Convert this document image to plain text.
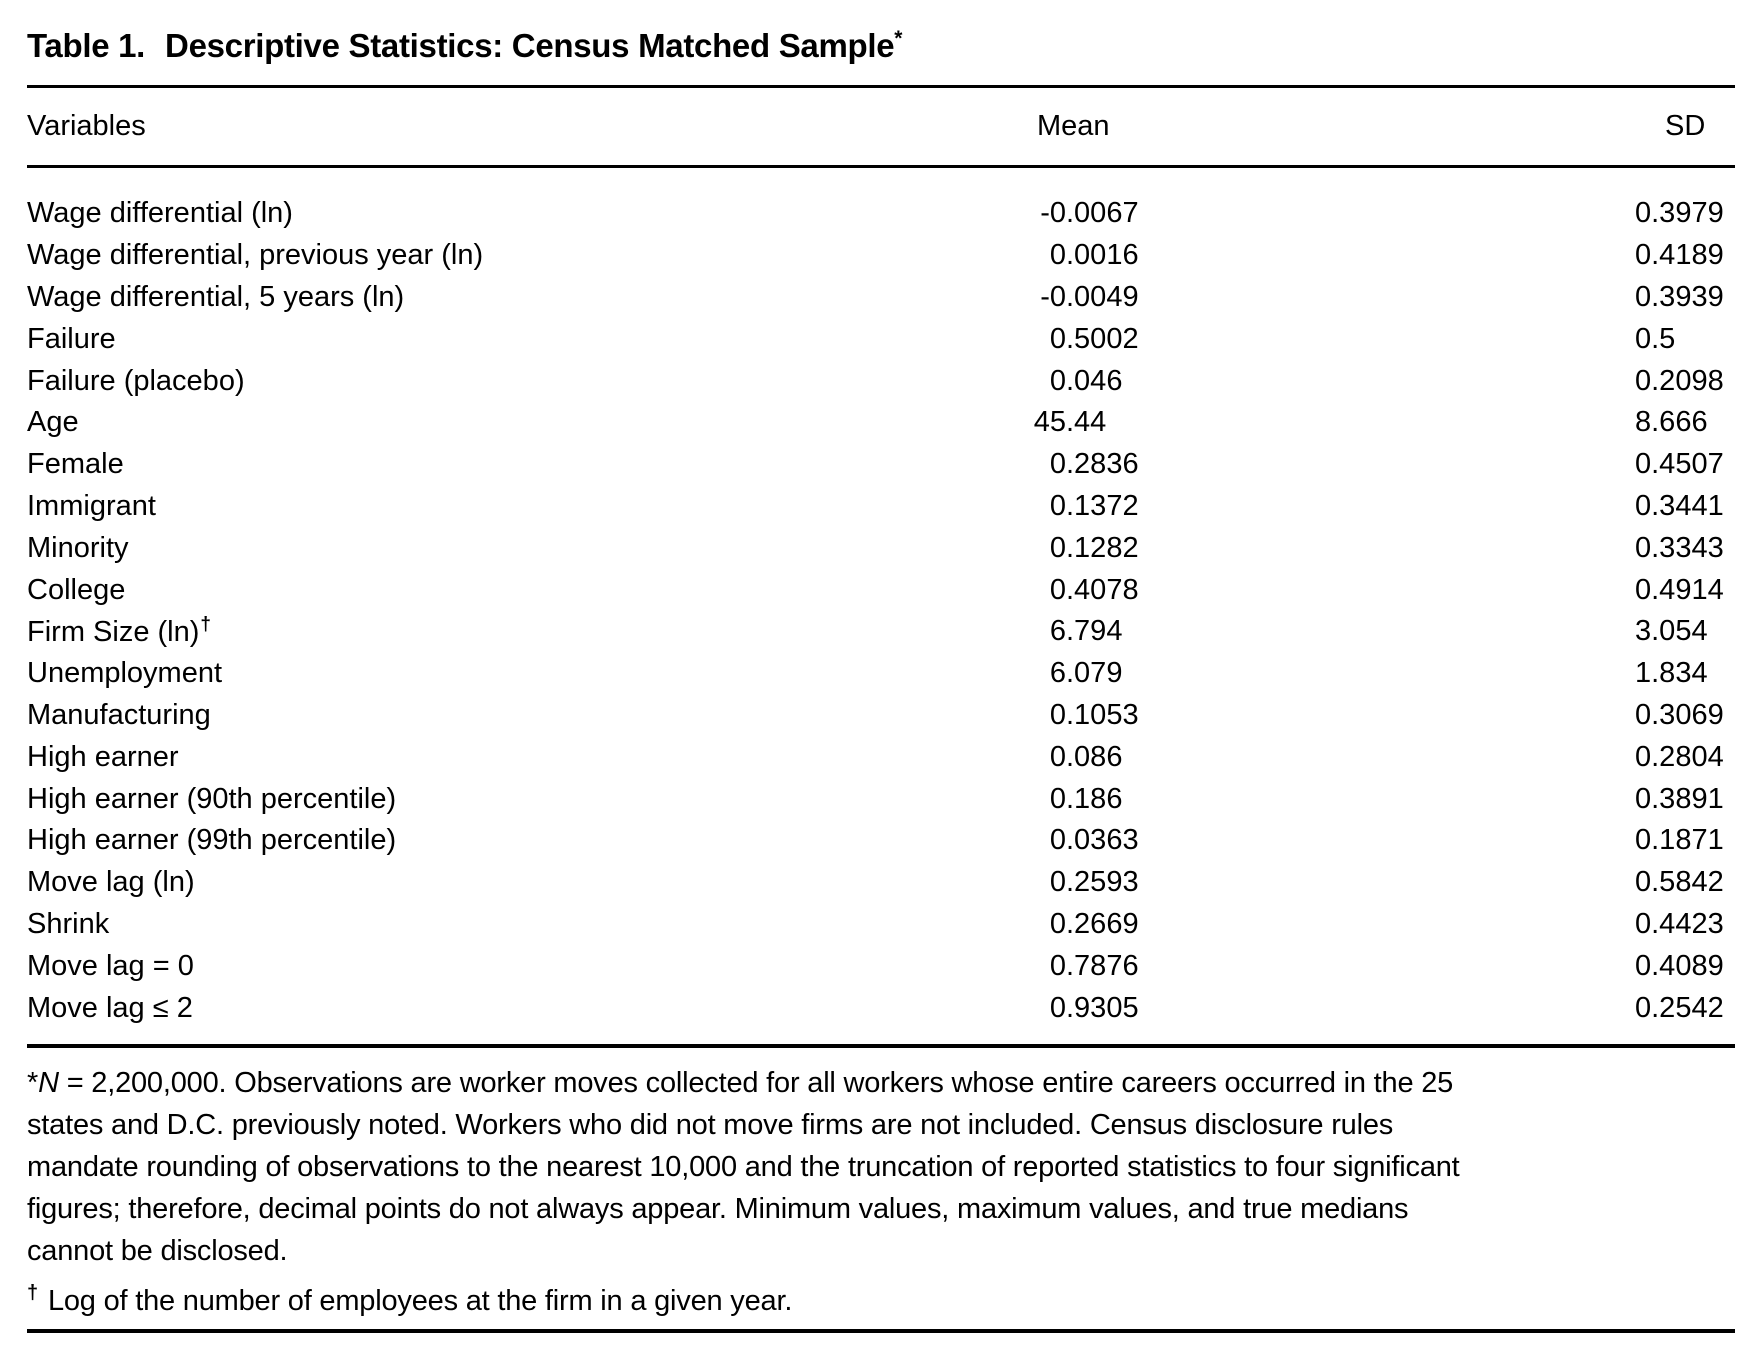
Table 1. Descriptive Statistics: Census Matched Sample*
Variables	Mean	SD
Wage differential (ln)	-0 .0067	0.3979
Wage differential, previous year (ln)	0 .0016	0.4189
Wage differential, 5 years (ln)	-0 .0049	0.3939
Failure	0 .5002	0.5
Failure (placebo)	0 .046	0.2098
Age	45 .44	8.666
Female	0 .2836	0.4507
Immigrant	0 .1372	0.3441
Minority	0 .1282	0.3343
College	0 .4078	0.4914
Firm Size (ln)†	6 .794	3.054
Unemployment	6 .079	1.834
Manufacturing	0 .1053	0.3069
High earner	0 .086	0.2804
High earner (90th percentile)	0 .186	0.3891
High earner (99th percentile)	0 .0363	0.1871
Move lag (ln)	0 .2593	0.5842
Shrink	0 .2669	0.4423
Move lag = 0	0 .7876	0.4089
Move lag ≤ 2	0 .9305	0.2542
*N = 2,200,000. Observations are worker moves collected for all workers whose entire careers occurred in the 25
states and D.C. previously noted. Workers who did not move firms are not included. Census disclosure rules
mandate rounding of observations to the nearest 10,000 and the truncation of reported statistics to four significant
figures; therefore, decimal points do not always appear. Minimum values, maximum values, and true medians
cannot be disclosed.
† Log of the number of employees at the firm in a given year.
